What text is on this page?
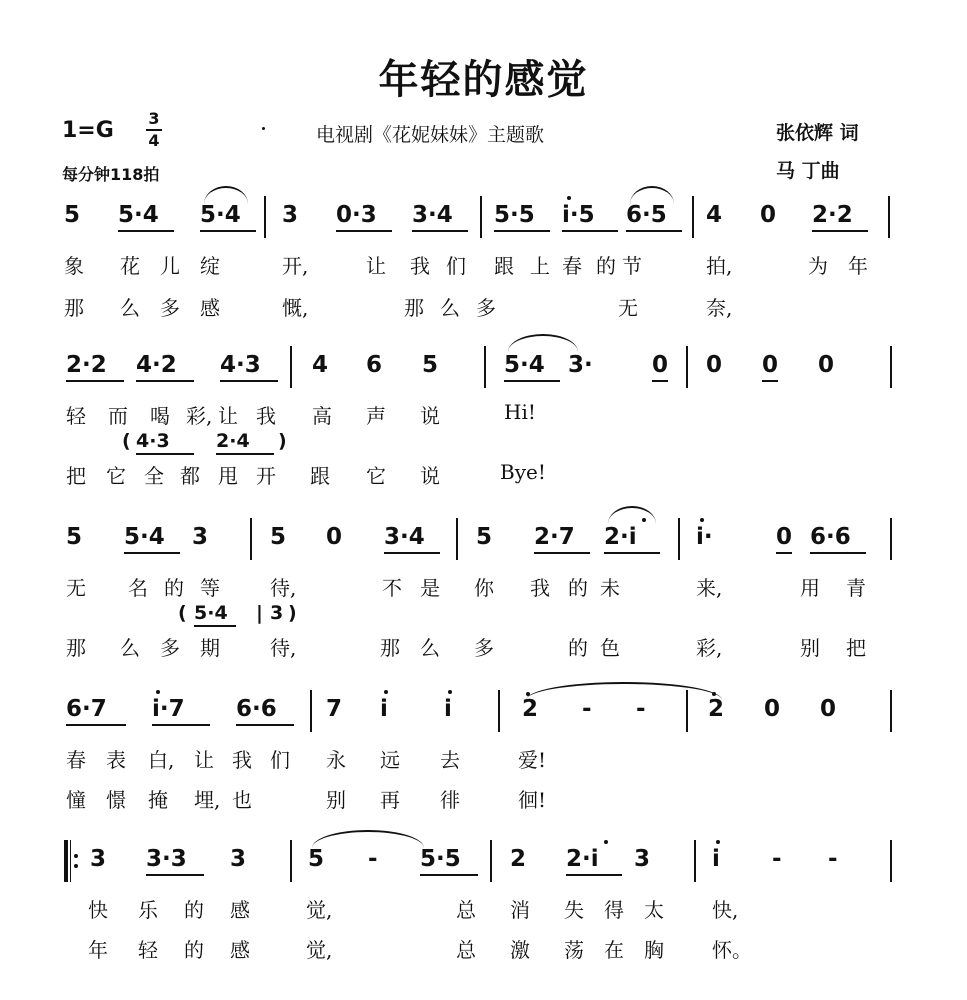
年轻的感觉
1=G 3
4
每分钟118拍
电视剧《花妮妹妹》主题歌	张依辉 词
马 丁曲
5 5·4 5·4 3 0·3 3·4 5·5 i·5 6·5 4 0 2·2
象 花 儿 绽	开,	让 我 们 跟 上 春 的 节	拍,	为 年
那 么 多 感	慨,	那 么 多	无	奈,
2·2 4·2 4·3 4 6 5	5·4 3·	0 0 0 0
轻 而 喝 彩, 让 我 高 声 说	Hi!
( 4·3 2·4 )
把 它 全 都 甩 开 跟 它 说	Bye!
5 5·4 3	5 0 3·4 5 2·7 2·i	i·	0 6·6
无 名 的 等	待,	不 是 你 我 的 未	来,	用 青
( 5·4 | 3 )
那 么 多 期	待,	那 么 多	的 色	彩,	别 把
6·7 i·7 6·6 7 i i	2 - -	2 0 0
春 表 白, 让 我 们 永 远 去	爱!
憧 憬 掩 埋, 也	别 再 徘	徊!
3 3·3 3	5 - 5·5 2 2·i 3	i - -
快 乐 的 感	觉,	总 消 失 得 太 快,
年 轻 的 感	觉,	总 激 荡 在 胸 怀。
